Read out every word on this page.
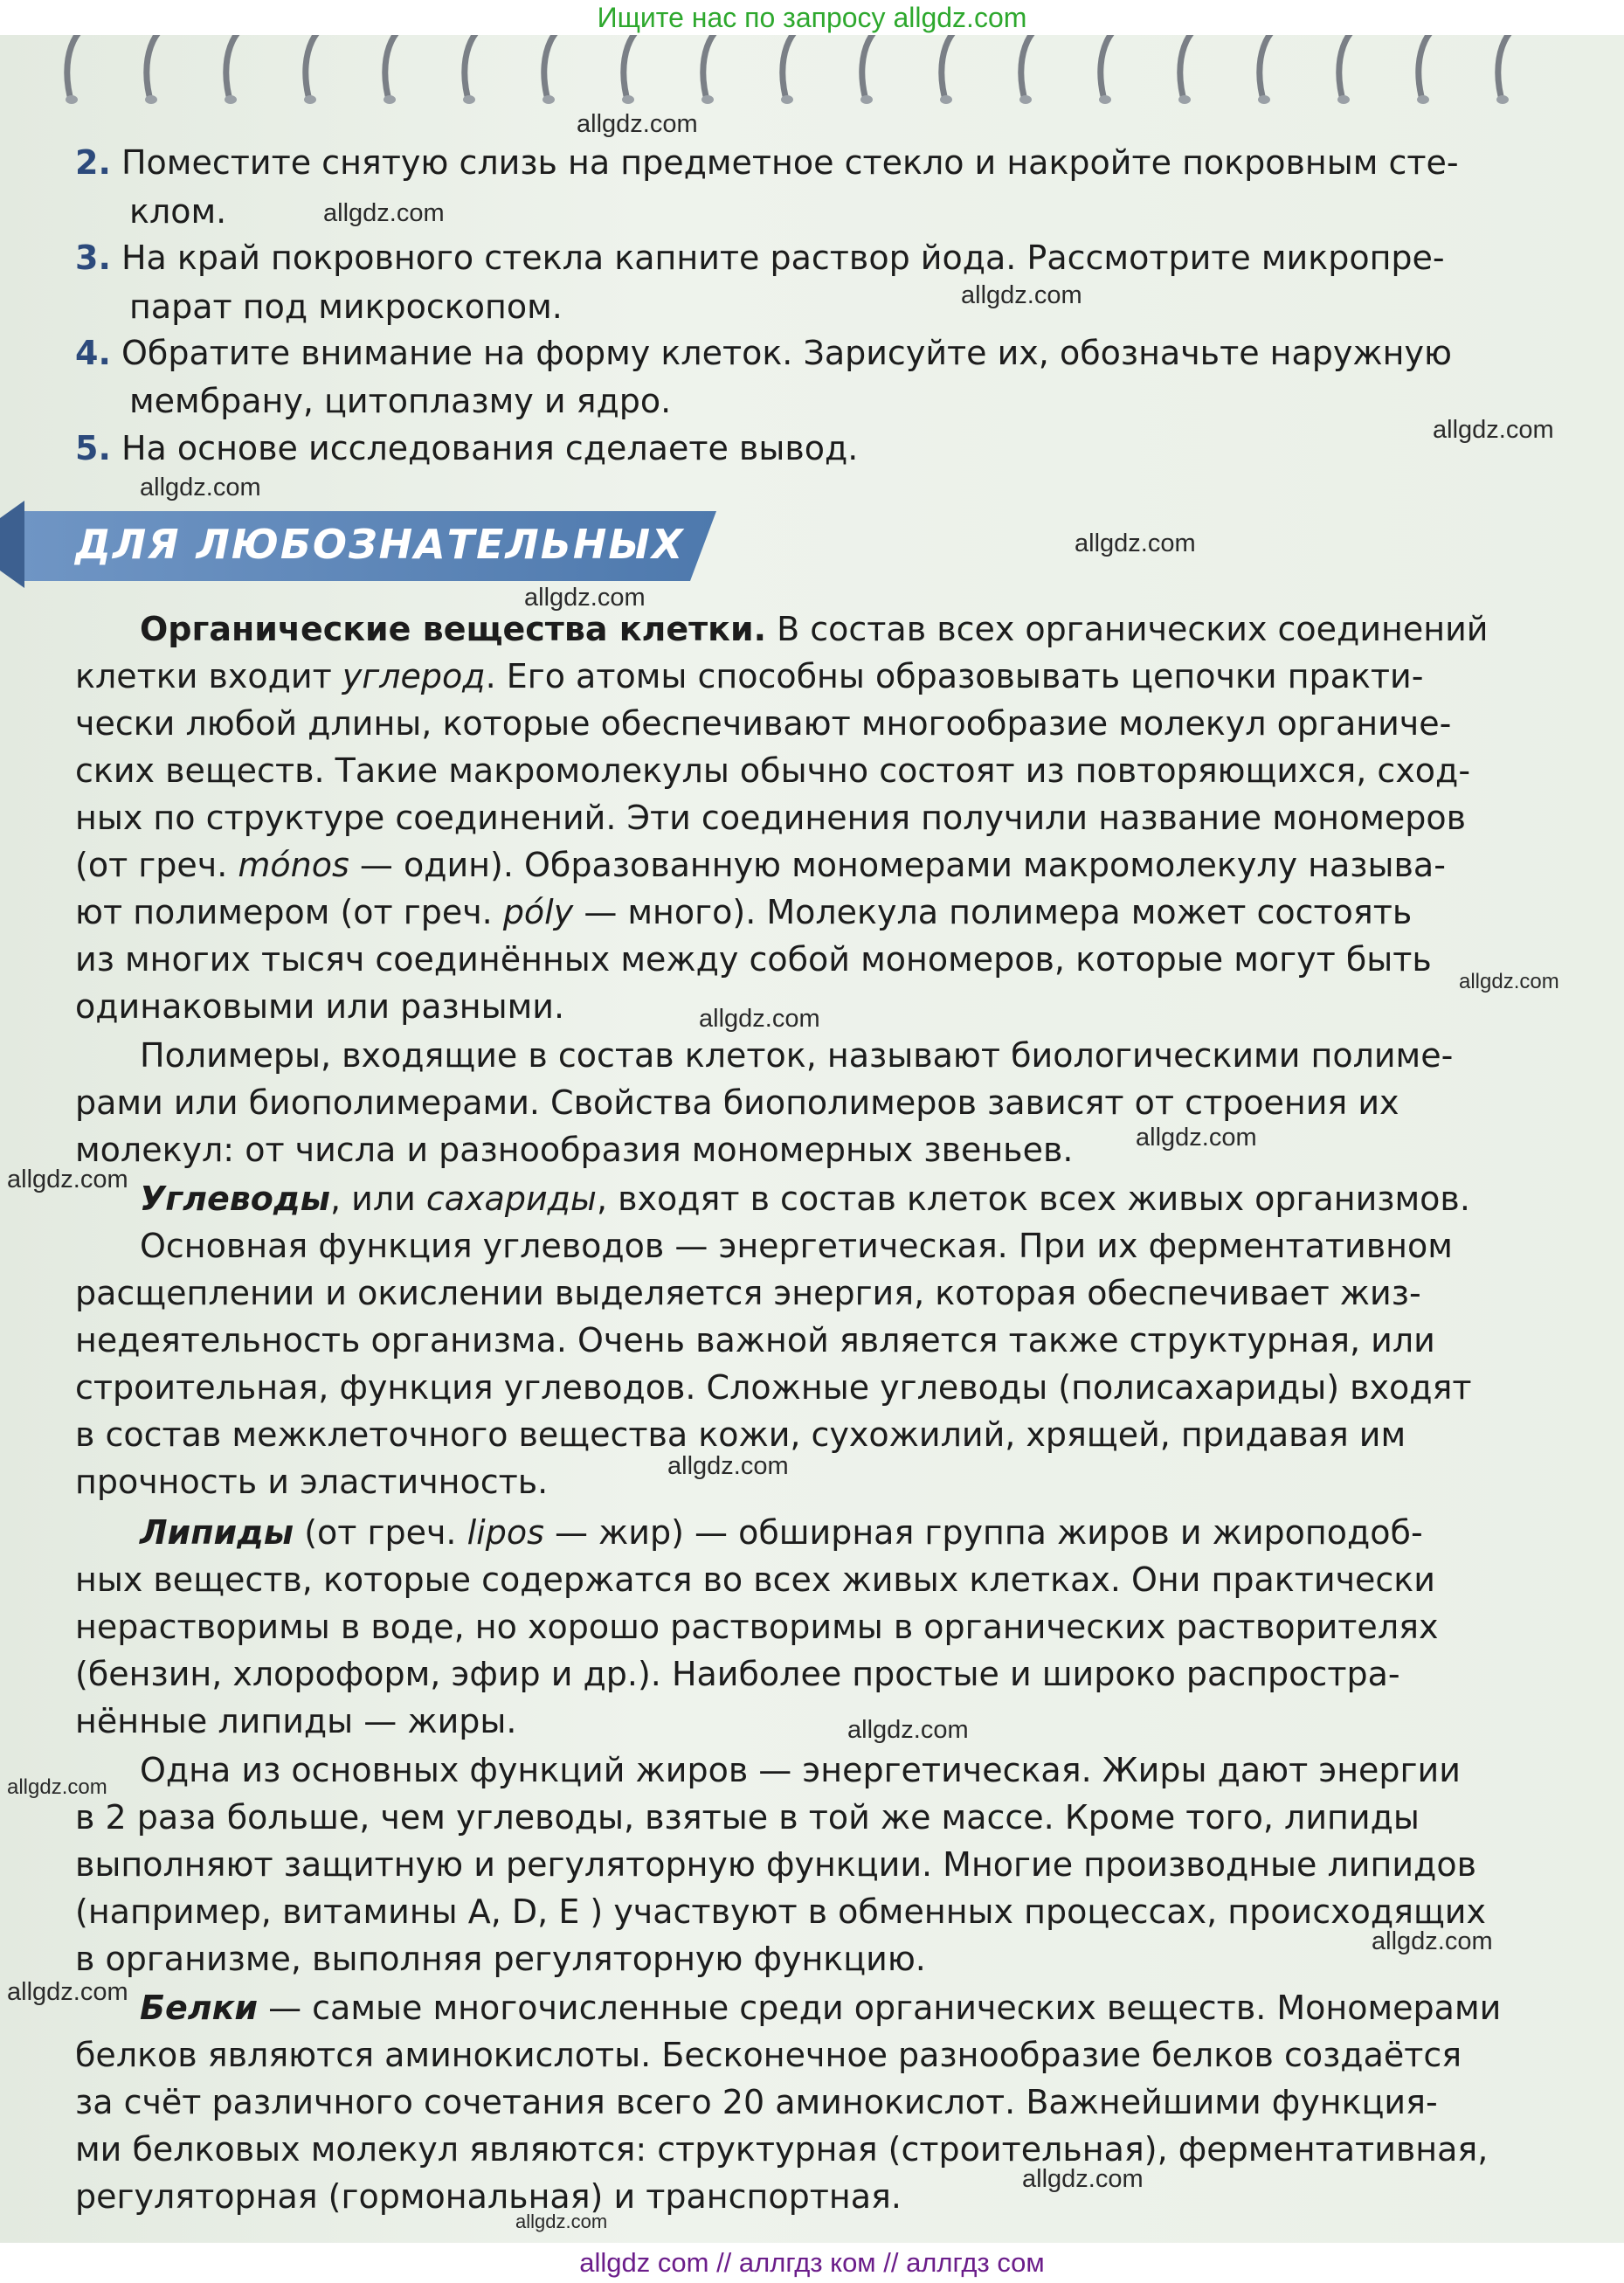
Ищите нас по запросу allgdz.com
ДЛЯ ЛЮБОЗНАТЕЛЬНЫХ
2. Поместите снятую слизь на предметное стекло и накройте покровным сте-
клом.
3. На край покровного стекла капните раствор йода. Рассмотрите микропре-
парат под микроскопом.
4. Обратите внимание на форму клеток. Зарисуйте их, обозначьте наружную
мембрану, цитоплазму и ядро.
5. На основе исследования сделаете вывод.
Органические вещества клетки. В состав всех органических соединений
клетки входит углерод. Его атомы способны образовывать цепочки практи-
чески любой длины, которые обеспечивают многообразие молекул органиче-
ских веществ. Такие макромолекулы обычно состоят из повторяющихся, сход-
ных по структуре соединений. Эти соединения получили название мономеров
(от греч. mónos — один). Образованную мономерами макромолекулу называ-
ют полимером (от греч. póly — много). Молекула полимера может состоять
из многих тысяч соединённых между собой мономеров, которые могут быть
одинаковыми или разными.
Полимеры, входящие в состав клеток, называют биологическими полиме-
рами или биополимерами. Свойства биополимеров зависят от строения их
молекул: от числа и разнообразия мономерных звеньев.
Углеводы, или сахариды, входят в состав клеток всех живых организмов.
Основная функция углеводов — энергетическая. При их ферментативном
расщеплении и окислении выделяется энергия, которая обеспечивает жиз-
недеятельность организма. Очень важной является также структурная, или
строительная, функция углеводов. Сложные углеводы (полисахариды) входят
в состав межклеточного вещества кожи, сухожилий, хрящей, придавая им
прочность и эластичность.
Липиды (от греч. lipos — жир) — обширная группа жиров и жироподоб-
ных веществ, которые содержатся во всех живых клетках. Они практически
нерастворимы в воде, но хорошо растворимы в органических растворителях
(бензин, хлороформ, эфир и др.). Наиболее простые и широко распростра-
нённые липиды — жиры.
Одна из основных функций жиров — энергетическая. Жиры дают энергии
в 2 раза больше, чем углеводы, взятые в той же массе. Кроме того, липиды
выполняют защитную и регуляторную функции. Многие производные липидов
(например, витамины A, D, E ) участвуют в обменных процессах, происходящих
в организме, выполняя регуляторную функцию.
Белки — самые многочисленные среди органических веществ. Мономерами
белков являются аминокислоты. Бесконечное разнообразие белков создаётся
за счёт различного сочетания всего 20 аминокислот. Важнейшими функция-
ми белковых молекул являются: структурная (строительная), ферментативная,
регуляторная (гормональная) и транспортная.
allgdz.com
allgdz.com
allgdz.com
allgdz.com
allgdz.com
allgdz.com
allgdz.com
allgdz.com
allgdz.com
allgdz.com
allgdz.com
allgdz.com
allgdz.com
allgdz.com
allgdz.com
allgdz.com
allgdz.com
allgdz.com
allgdz com // аллгдз ком // аллгдз сом
